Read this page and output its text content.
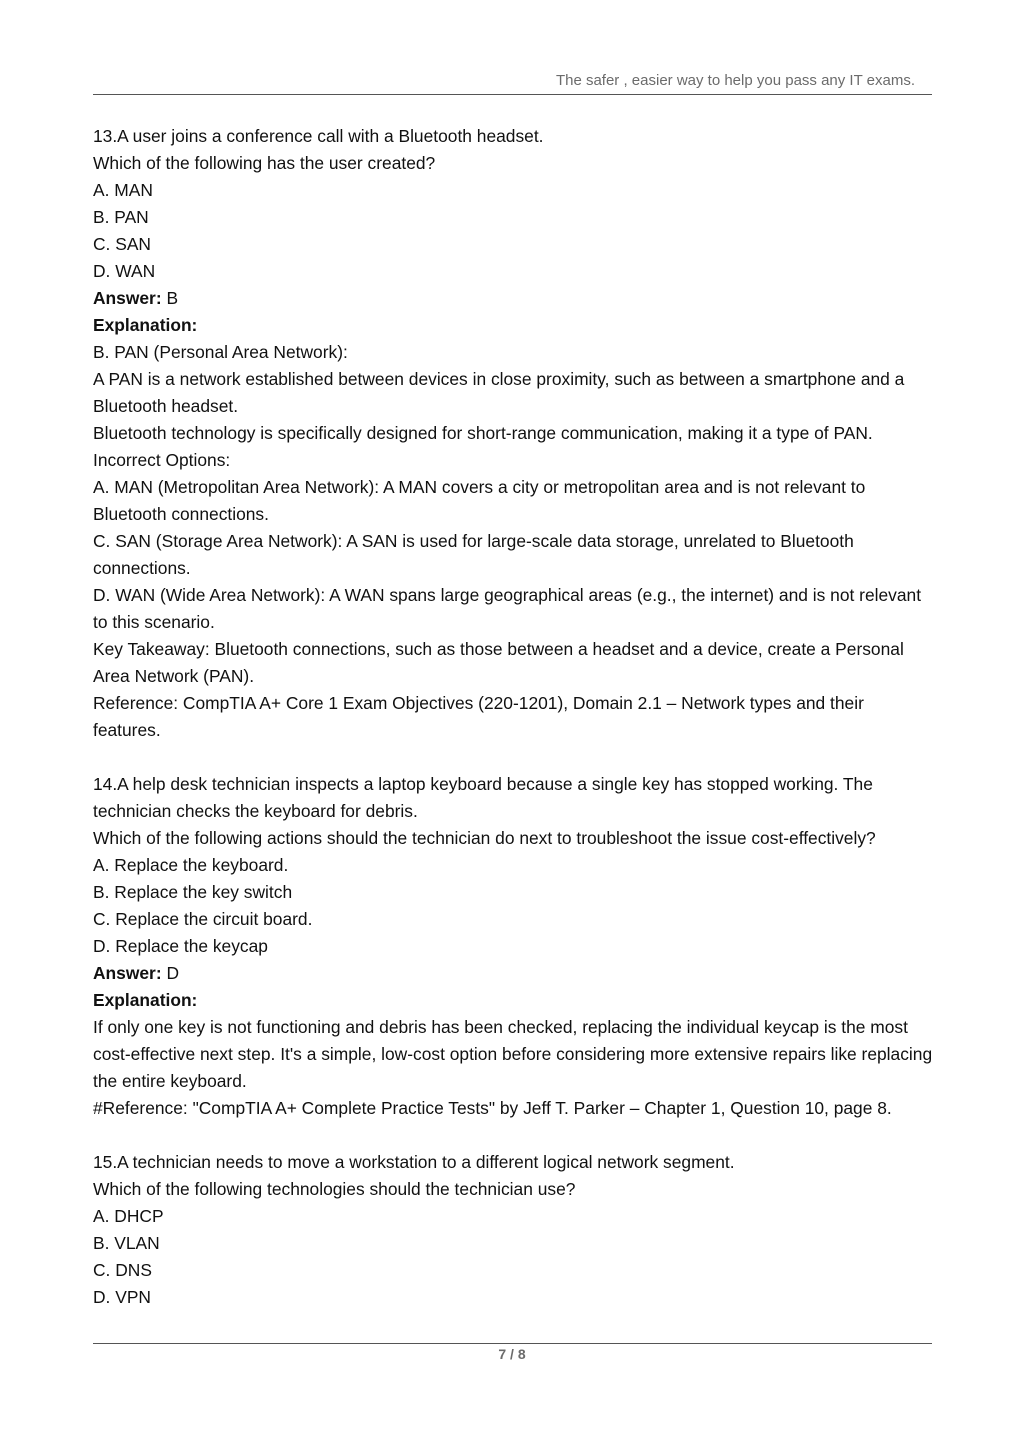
The safer , easier way to help you pass any IT exams.

13.A user joins a conference call with a Bluetooth headset.

Which of the following has the user created?

A. MAN

B. PAN

C. SAN

D. WAN

Answer: B

Explanation:

B. PAN (Personal Area Network):

A PAN is a network established between devices in close proximity, such as between a smartphone and a Bluetooth headset.

Bluetooth technology is specifically designed for short-range communication, making it a type of PAN.

Incorrect Options:

A. MAN (Metropolitan Area Network): A MAN covers a city or metropolitan area and is not relevant to Bluetooth connections.

C. SAN (Storage Area Network): A SAN is used for large-scale data storage, unrelated to Bluetooth connections.

D. WAN (Wide Area Network): A WAN spans large geographical areas (e.g., the internet) and is not relevant to this scenario.

Key Takeaway: Bluetooth connections, such as those between a headset and a device, create a Personal Area Network (PAN).

Reference: CompTIA A+ Core 1 Exam Objectives (220-1201), Domain 2.1 – Network types and their features.

14.A help desk technician inspects a laptop keyboard because a single key has stopped working. The technician checks the keyboard for debris.

Which of the following actions should the technician do next to troubleshoot the issue cost-effectively?

A. Replace the keyboard.

B. Replace the key switch

C. Replace the circuit board.

D. Replace the keycap

Answer: D

Explanation:

If only one key is not functioning and debris has been checked, replacing the individual keycap is the most cost-effective next step. It's a simple, low-cost option before considering more extensive repairs like replacing the entire keyboard.

#Reference: "CompTIA A+ Complete Practice Tests" by Jeff T. Parker – Chapter 1, Question 10, page 8.

15.A technician needs to move a workstation to a different logical network segment.

Which of the following technologies should the technician use?

A. DHCP

B. VLAN

C. DNS

D. VPN

7 / 8
